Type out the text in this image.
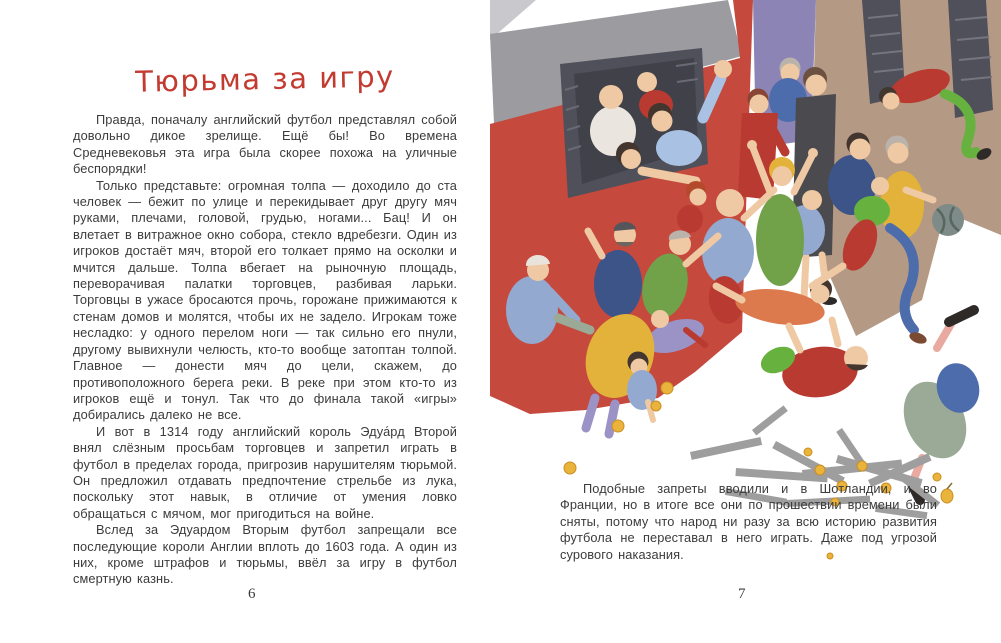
Тюрьма за игру

Правда, поначалу английский футбол представлял собой довольно дикое зрелище. Ещё бы! Во времена Средневековья эта игра была скорее похожа на уличные беспорядки!

Только представьте: огромная толпа — доходило до ста человек — бежит по улице и перекидывает друг другу мяч руками, плечами, головой, грудью, ногами... Бац! И он влетает в витражное окно собора, стекло вдребезги. Один из игроков достаёт мяч, второй его толкает прямо на осколки и мчится дальше. Толпа вбегает на рыночную площадь, переворачивая палатки торговцев, разбивая ларьки. Торговцы в ужасе бросаются прочь, горожане прижимаются к стенам домов и молятся, чтобы их не задело. Игрокам тоже несладко: у одного перелом ноги — так сильно его пнули, другому вывихнули челюсть, кто-то вообще затоптан толпой. Главное — донести мяч до цели, скажем, до противоположного берега реки. В реке при этом кто-то из игроков ещё и тонул. Так что до финала такой «игры» добирались далеко не все.

И вот в 1314 году английский король Эдуа́рд Второй внял слёзным просьбам торговцев и запретил играть в футбол в пределах города, пригрозив нарушителям тюрьмой. Он предложил отдавать предпочтение стрельбе из лука, поскольку этот навык, в отличие от умения ловко обращаться с мячом, мог пригодиться на войне.

Вслед за Эдуардом Вторым футбол запрещали все последующие короли Англии вплоть до 1603 года. А один из них, кроме штрафов и тюрьмы, ввёл за игру в футбол смертную казнь.

6

Подобные запреты вводили и в Шотландии, и во Франции, но в итоге все они по прошествии времени были сняты, потому что народ ни разу за всю историю развития футбола не переставал в него играть. Даже под угрозой сурового наказания.

7
